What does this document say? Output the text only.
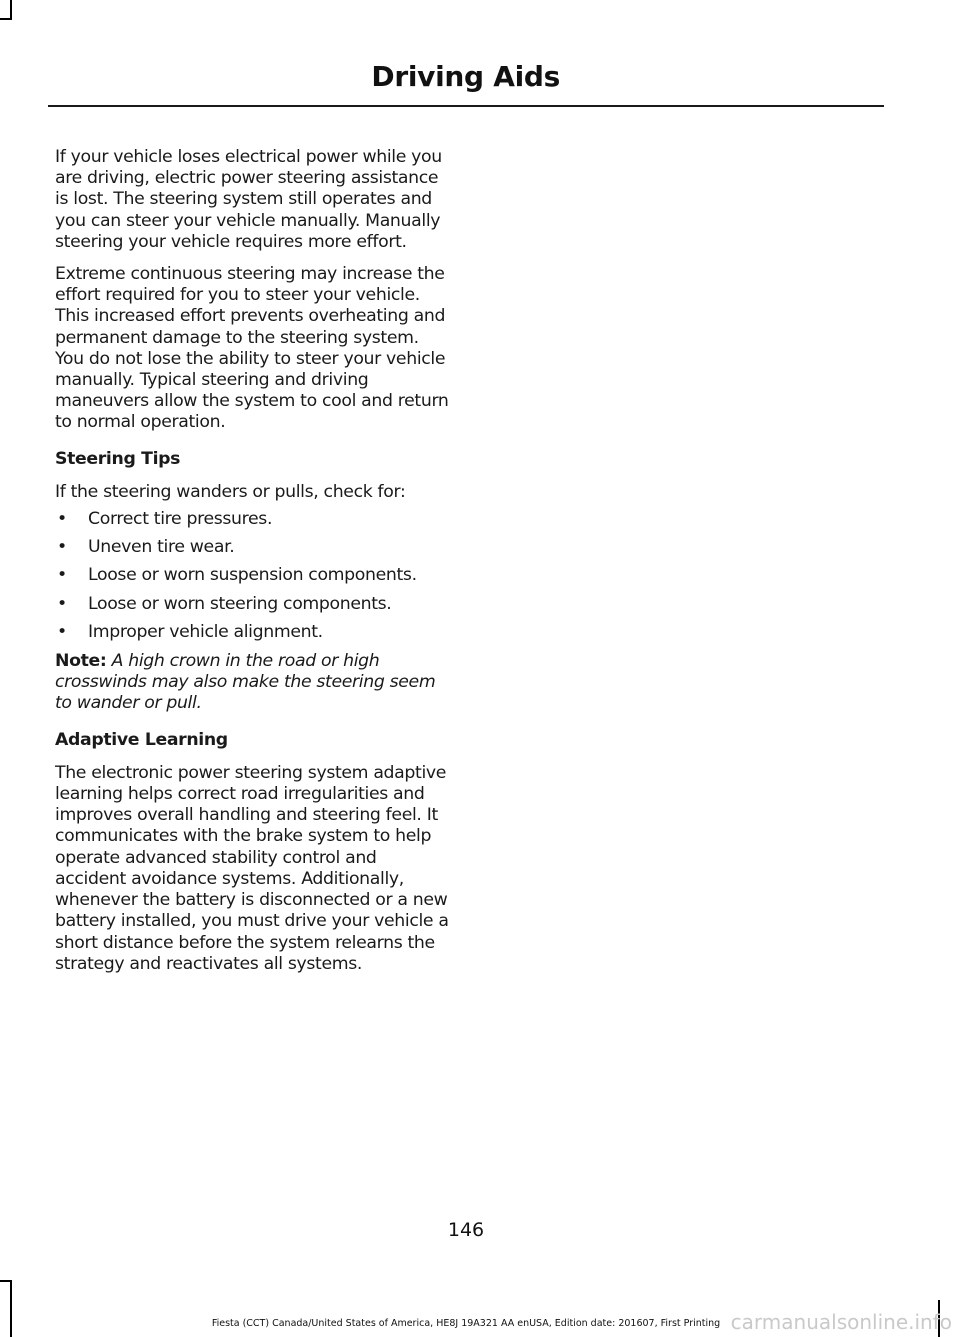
Driving Aids

If your vehicle loses electrical power while you are driving, electric power steering assistance is lost. The steering system still operates and you can steer your vehicle manually. Manually steering your vehicle requires more effort.

Extreme continuous steering may increase the effort required for you to steer your vehicle. This increased effort prevents overheating and permanent damage to the steering system. You do not lose the ability to steer your vehicle manually. Typical steering and driving maneuvers allow the system to cool and return to normal operation.

Steering Tips

If the steering wanders or pulls, check for:

• Correct tire pressures.
• Uneven tire wear.
• Loose or worn suspension components.
• Loose or worn steering components.
• Improper vehicle alignment.

Note: A high crown in the road or high crosswinds may also make the steering seem to wander or pull.

Adaptive Learning

The electronic power steering system adaptive learning helps correct road irregularities and improves overall handling and steering feel. It communicates with the brake system to help operate advanced stability control and accident avoidance systems. Additionally, whenever the battery is disconnected or a new battery installed, you must drive your vehicle a short distance before the system relearns the strategy and reactivates all systems.

146
Fiesta (CCT) Canada/United States of America, HE8J 19A321 AA enUSA, Edition date: 201607, First Printing carmanualsonline.info
